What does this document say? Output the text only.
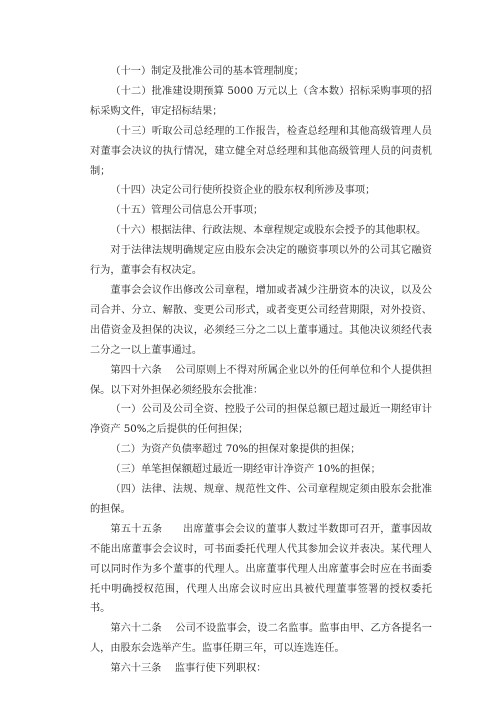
（十一）制定及批准公司的基本管理制度；

（十二）批准建设期预算 5000 万元以上（含本数）招标采购事项的招标采购文件，审定招标结果；

（十三）听取公司总经理的工作报告，检查总经理和其他高级管理人员对董事会决议的执行情况，建立健全对总经理和其他高级管理人员的问责机制；

（十四）决定公司行使所投资企业的股东权利所涉及事项；

（十五）管理公司信息公开事项；

（十六）根据法律、行政法规、本章程规定或股东会授予的其他职权。

对于法律法规明确规定应由股东会决定的融资事项以外的公司其它融资行为，董事会有权决定。

董事会会议作出修改公司章程，增加或者减少注册资本的决议，以及公司合并、分立、解散、变更公司形式，或者变更公司经营期限，对外投资、出借资金及担保的决议，必须经三分之二以上董事通过。其他决议须经代表二分之一以上董事通过。

第四十六条　 公司原则上不得对所属企业以外的任何单位和个人提供担保。以下对外担保必须经股东会批准：

（一）公司及公司全资、控股子公司的担保总额已超过最近一期经审计净资产 50%之后提供的任何担保；

（二）为资产负债率超过 70%的担保对象提供的担保；

（三）单笔担保额超过最近一期经审计净资产 10%的担保；

（四）法律、法规、规章、规范性文件、公司章程规定须由股东会批准的担保。

第五十五条　　出席董事会会议的董事人数过半数即可召开，董事因故不能出席董事会会议时，可书面委托代理人代其参加会议并表决。某代理人可以同时作为多个董事的代理人。出席董事代理人出席董事会时应在书面委托中明确授权范围，代理人出席会议时应出具被代理董事签署的授权委托书。

第六十二条　 公司不设监事会，设二名监事。监事由甲、乙方各提名一人，由股东会选举产生。监事任期三年，可以连选连任。

第六十三条　 监事行使下列职权：
